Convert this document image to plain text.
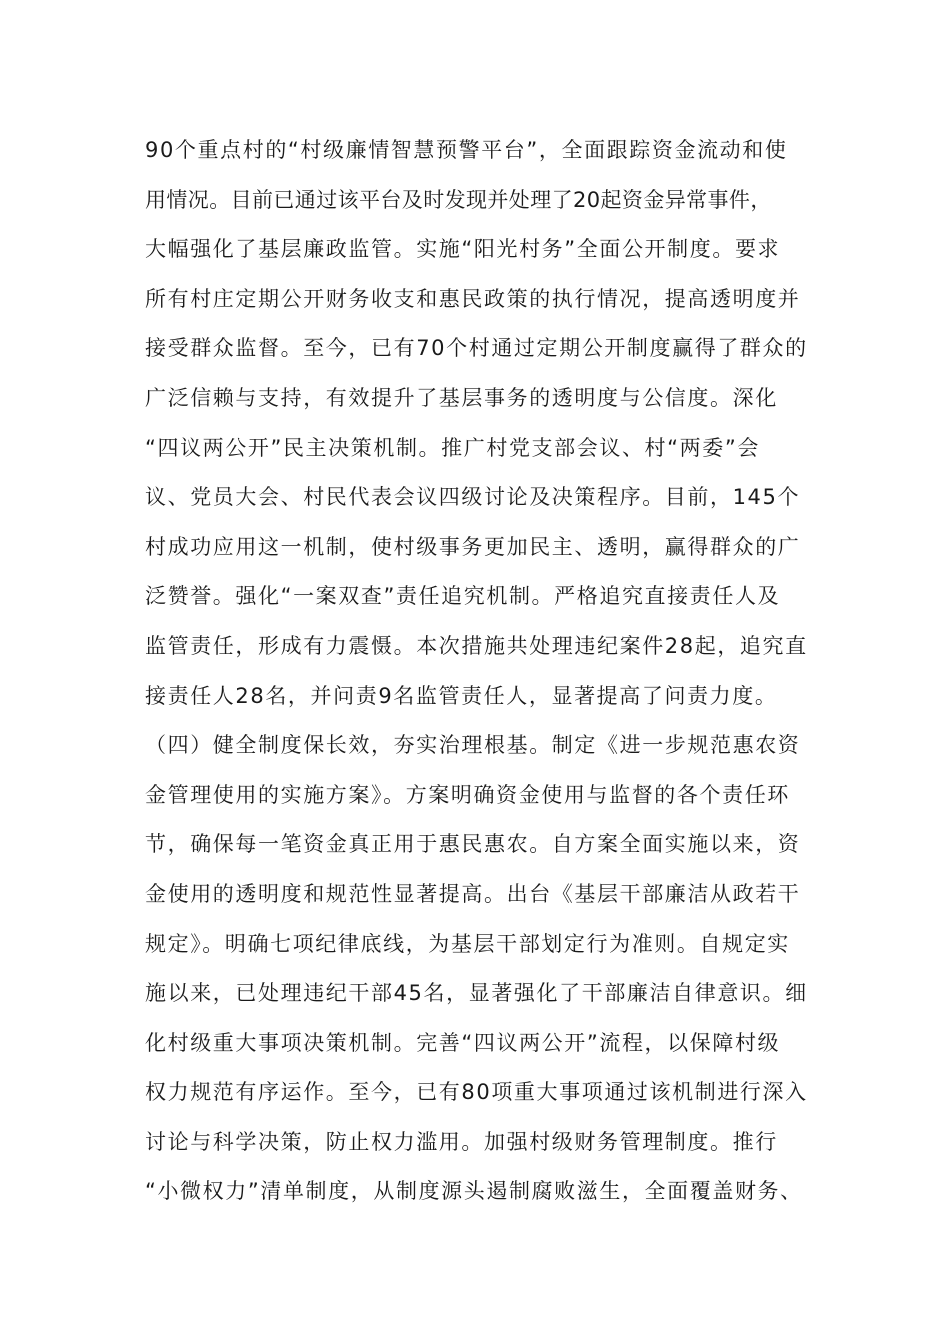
90个重点村的“村级廉情智慧预警平台”，全面跟踪资金流动和使
用情况。目前已通过该平台及时发现并处理了20起资金异常事件，
大幅强化了基层廉政监管。实施“阳光村务”全面公开制度。要求
所有村庄定期公开财务收支和惠民政策的执行情况，提高透明度并
接受群众监督。至今，已有70个村通过定期公开制度赢得了群众的
广泛信赖与支持，有效提升了基层事务的透明度与公信度。深化
“四议两公开”民主决策机制。推广村党支部会议、村“两委”会
议、党员大会、村民代表会议四级讨论及决策程序。目前，145个
村成功应用这一机制，使村级事务更加民主、透明，赢得群众的广
泛赞誉。强化“一案双查”责任追究机制。严格追究直接责任人及
监管责任，形成有力震慑。本次措施共处理违纪案件28起，追究直
接责任人28名，并问责9名监管责任人，显著提高了问责力度。
（四）健全制度保长效，夯实治理根基。制定《进一步规范惠农资
金管理使用的实施方案》。方案明确资金使用与监督的各个责任环
节，确保每一笔资金真正用于惠民惠农。自方案全面实施以来，资
金使用的透明度和规范性显著提高。出台《基层干部廉洁从政若干
规定》。明确七项纪律底线，为基层干部划定行为准则。自规定实
施以来，已处理违纪干部45名，显著强化了干部廉洁自律意识。细
化村级重大事项决策机制。完善“四议两公开”流程，以保障村级
权力规范有序运作。至今，已有80项重大事项通过该机制进行深入
讨论与科学决策，防止权力滥用。加强村级财务管理制度。推行
“小微权力”清单制度，从制度源头遏制腐败滋生，全面覆盖财务、
